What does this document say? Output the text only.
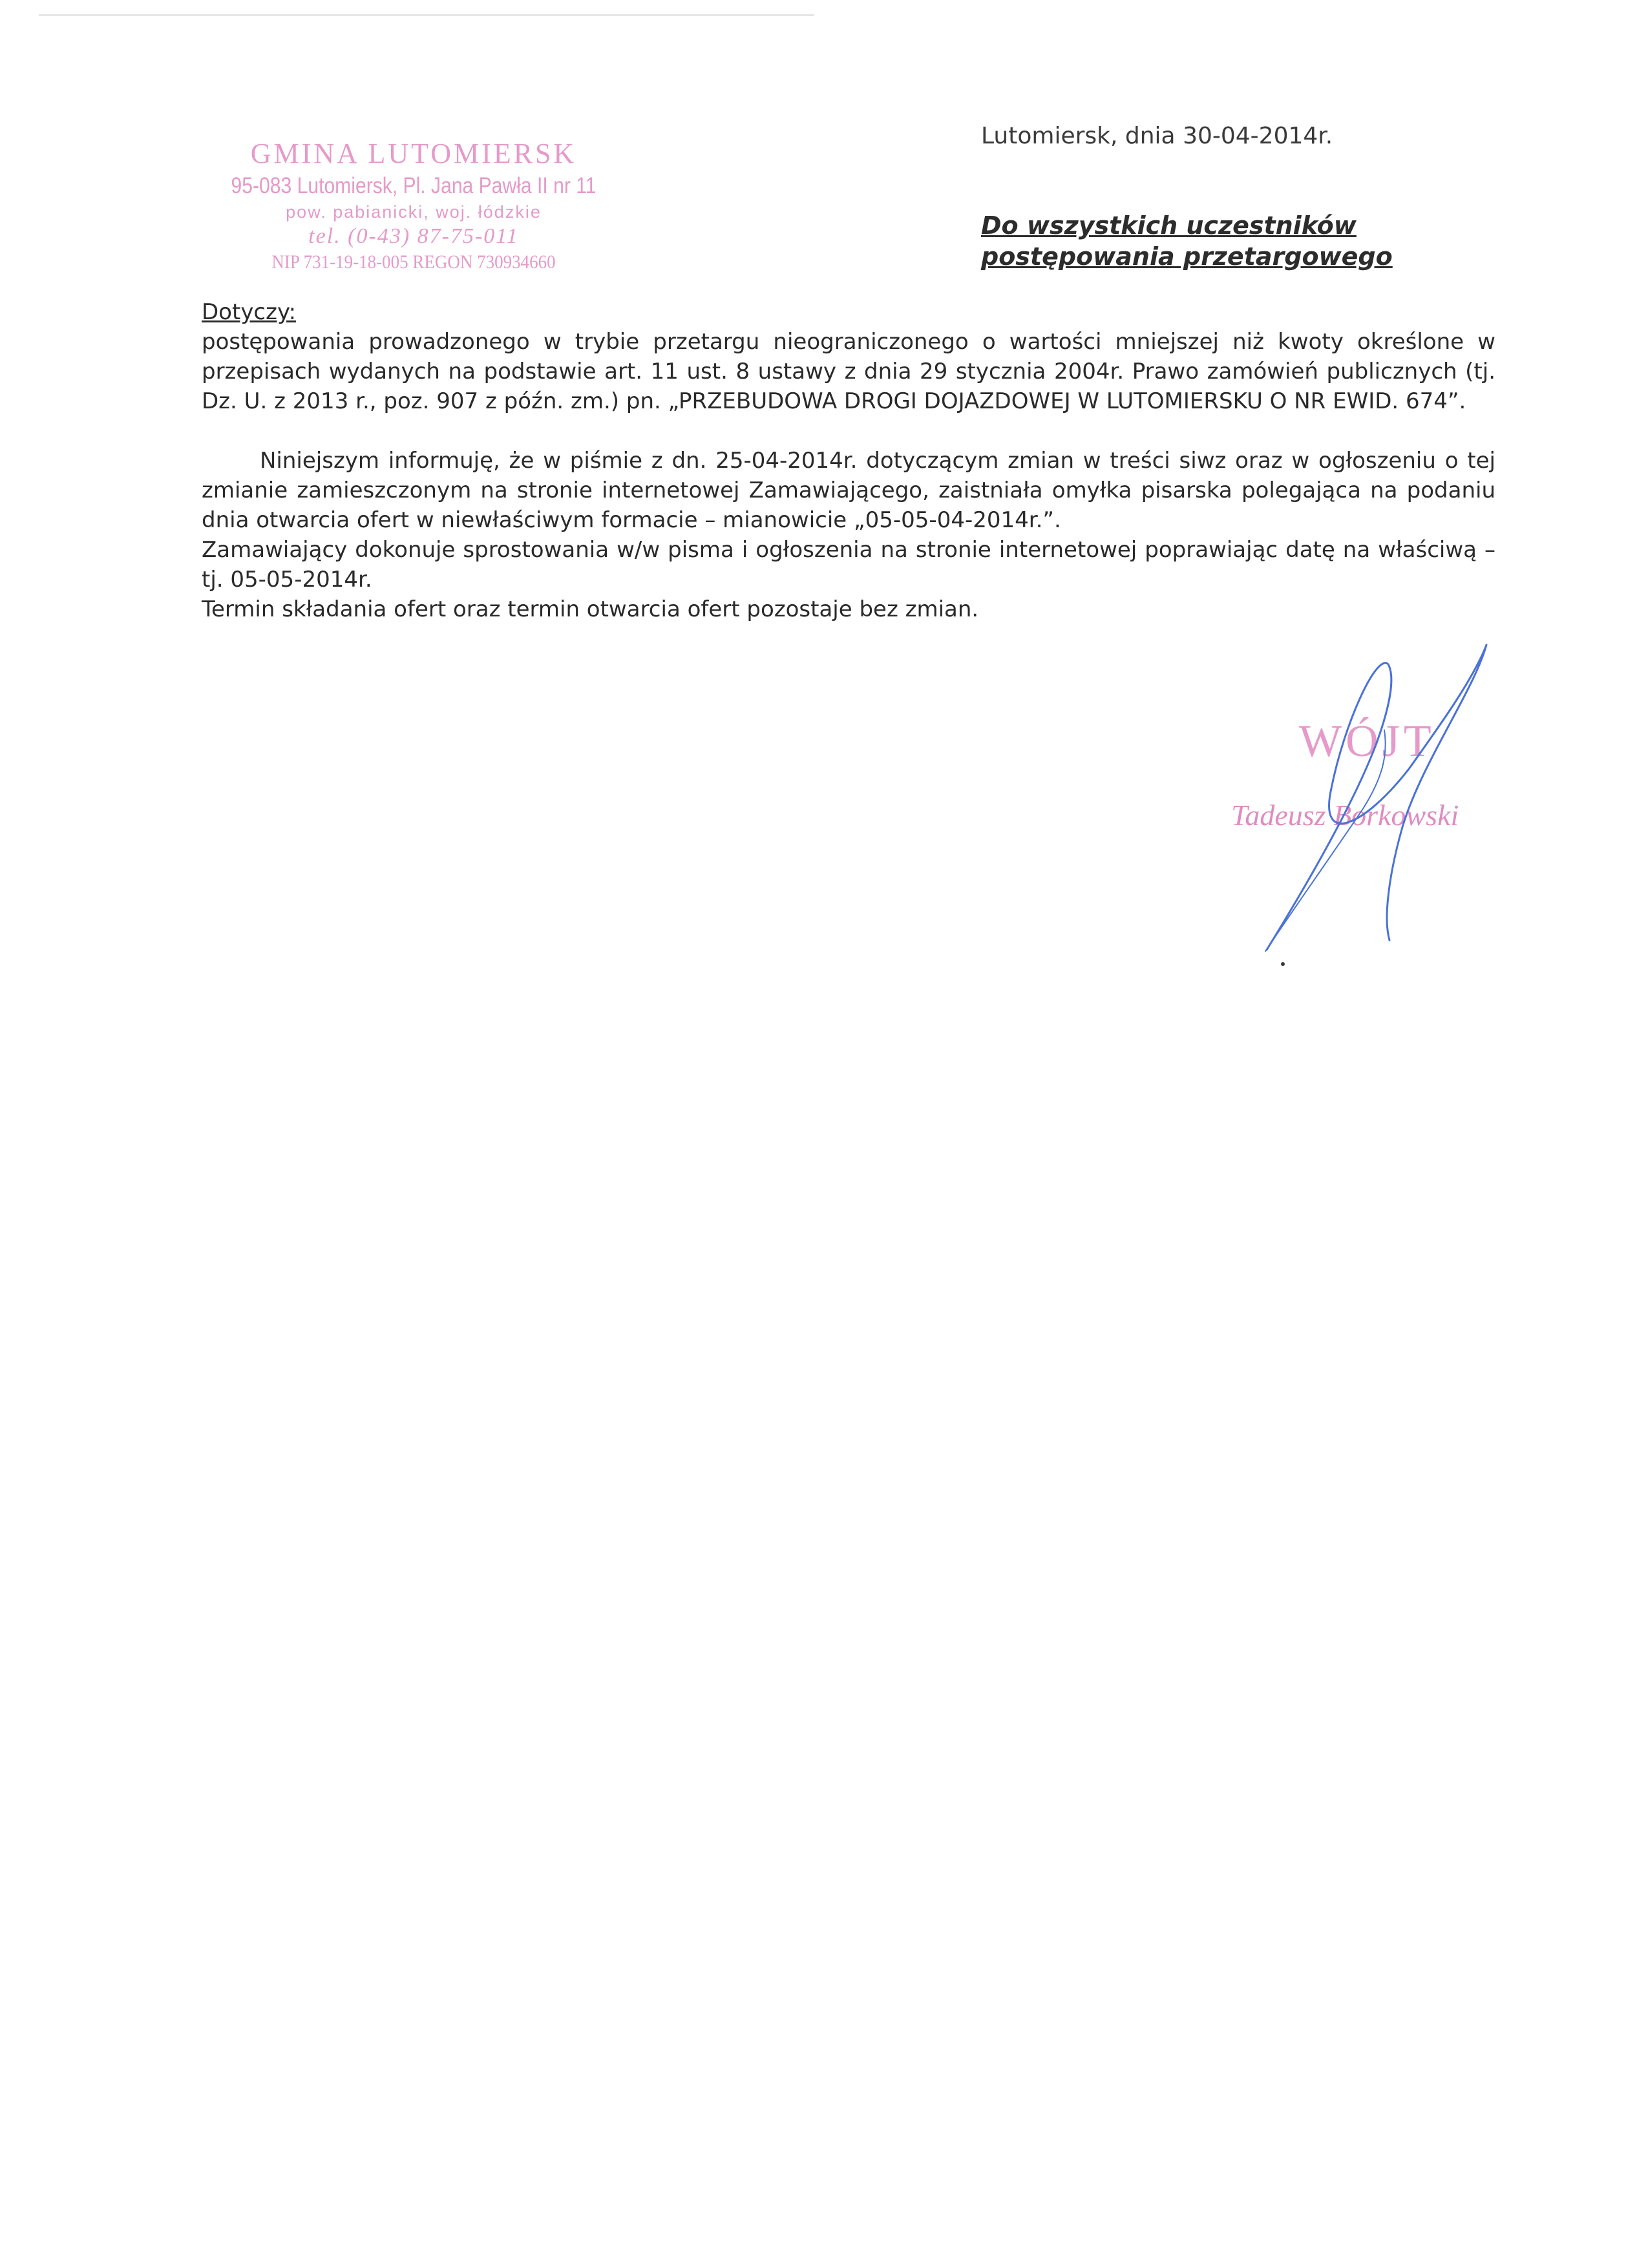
GMINA LUTOMIERSK
95-083 Lutomiersk, Pl. Jana Pawła II nr 11
pow. pabianicki, woj. łódzkie
tel. (0-43) 87-75-011
NIP 731-19-18-005 REGON 730934660
Lutomiersk, dnia 30-04-2014r.
Do wszystkich uczestników
postępowania przetargowego
Dotyczy:
postępowania prowadzonego w trybie przetargu nieograniczonego o wartości mniejszej niż kwoty określone w przepisach wydanych na podstawie art. 11 ust. 8 ustawy z dnia 29 stycznia 2004r. Prawo zamówień publicznych (tj. Dz. U. z 2013 r., poz. 907 z późn. zm.) pn. „PRZEBUDOWA DROGI DOJAZDOWEJ W LUTOMIERSKU O NR EWID. 674”.
Niniejszym informuję, że w piśmie z dn. 25-04-2014r. dotyczącym zmian w treści siwz oraz w ogłoszeniu o tej zmianie zamieszczonym na stronie internetowej Zamawiającego, zaistniała omyłka pisarska polegająca na podaniu dnia otwarcia ofert w niewłaściwym formacie – mianowicie „05-05-04-2014r.”.
Zamawiający dokonuje sprostowania w/w pisma i ogłoszenia na stronie internetowej poprawiając datę na właściwą – tj. 05-05-2014r.
Termin składania ofert oraz termin otwarcia ofert pozostaje bez zmian.
WÓJT
Tadeusz Borkowski
